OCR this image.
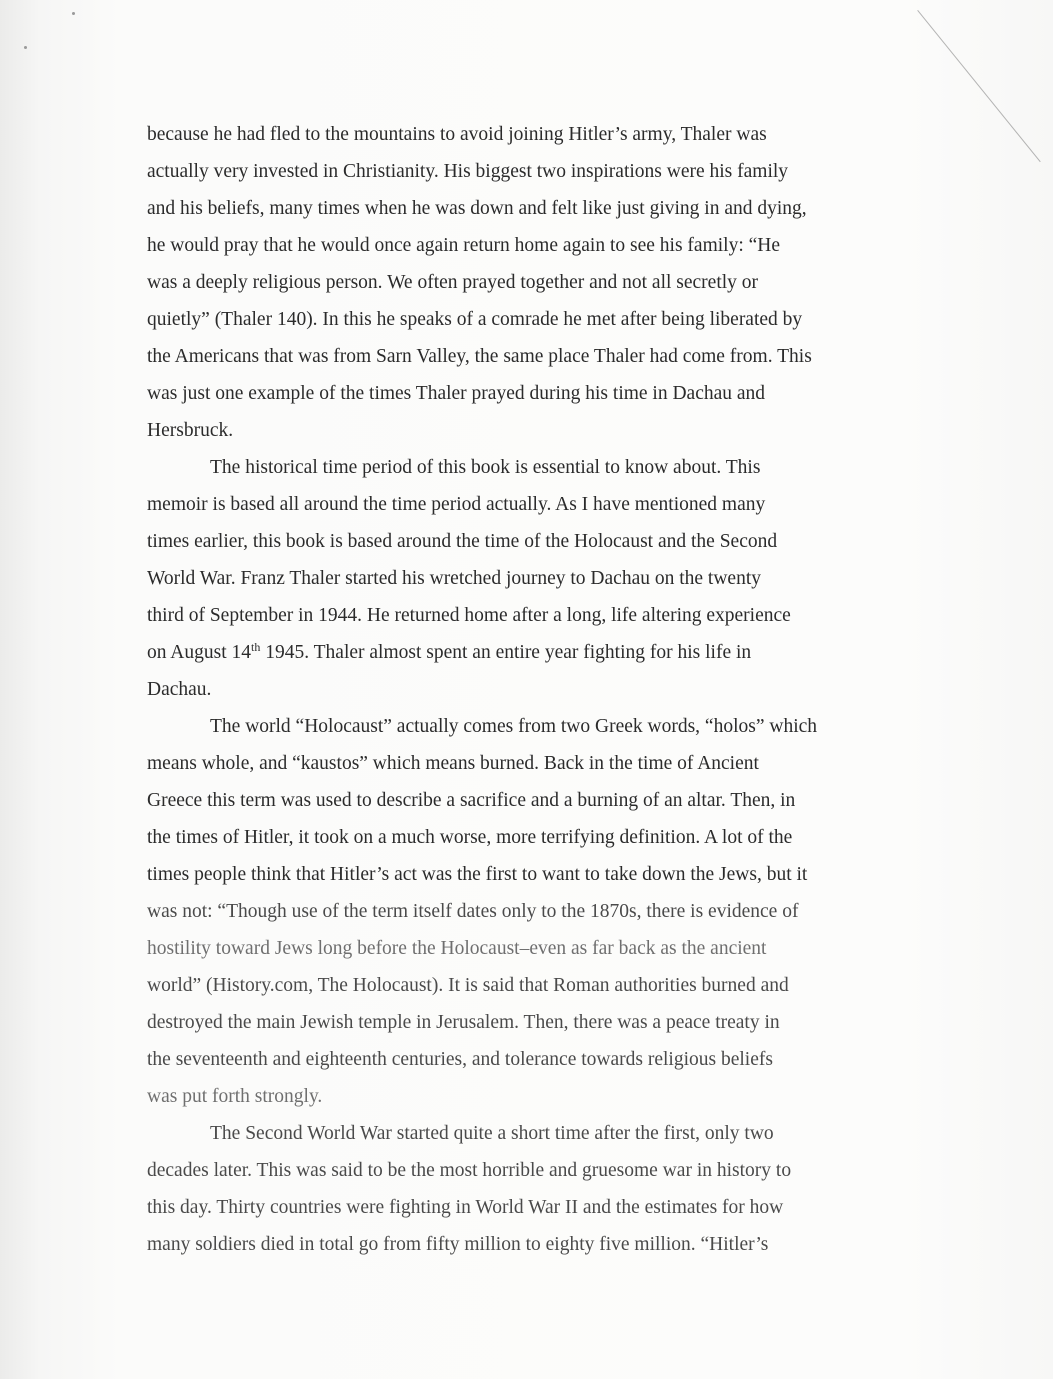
because he had fled to the mountains to avoid joining Hitler’s army, Thaler was
actually very invested in Christianity. His biggest two inspirations were his family
and his beliefs, many times when he was down and felt like just giving in and dying,
he would pray that he would once again return home again to see his family: “He
was a deeply religious person. We often prayed together and not all secretly or
quietly” (Thaler 140). In this he speaks of a comrade he met after being liberated by
the Americans that was from Sarn Valley, the same place Thaler had come from. This
was just one example of the times Thaler prayed during his time in Dachau and
Hersbruck.
The historical time period of this book is essential to know about. This
memoir is based all around the time period actually. As I have mentioned many
times earlier, this book is based around the time of the Holocaust and the Second
World War. Franz Thaler started his wretched journey to Dachau on the twenty
third of September in 1944. He returned home after a long, life altering experience
on August 14th 1945. Thaler almost spent an entire year fighting for his life in
Dachau.
The world “Holocaust” actually comes from two Greek words, “holos” which
means whole, and “kaustos” which means burned. Back in the time of Ancient
Greece this term was used to describe a sacrifice and a burning of an altar. Then, in
the times of Hitler, it took on a much worse, more terrifying definition. A lot of the
times people think that Hitler’s act was the first to want to take down the Jews, but it
was not: “Though use of the term itself dates only to the 1870s, there is evidence of
hostility toward Jews long before the Holocaust–even as far back as the ancient
world” (History.com, The Holocaust). It is said that Roman authorities burned and
destroyed the main Jewish temple in Jerusalem. Then, there was a peace treaty in
the seventeenth and eighteenth centuries, and tolerance towards religious beliefs
was put forth strongly.
The Second World War started quite a short time after the first, only two
decades later. This was said to be the most horrible and gruesome war in history to
this day. Thirty countries were fighting in World War II and the estimates for how
many soldiers died in total go from fifty million to eighty five million. “Hitler’s
